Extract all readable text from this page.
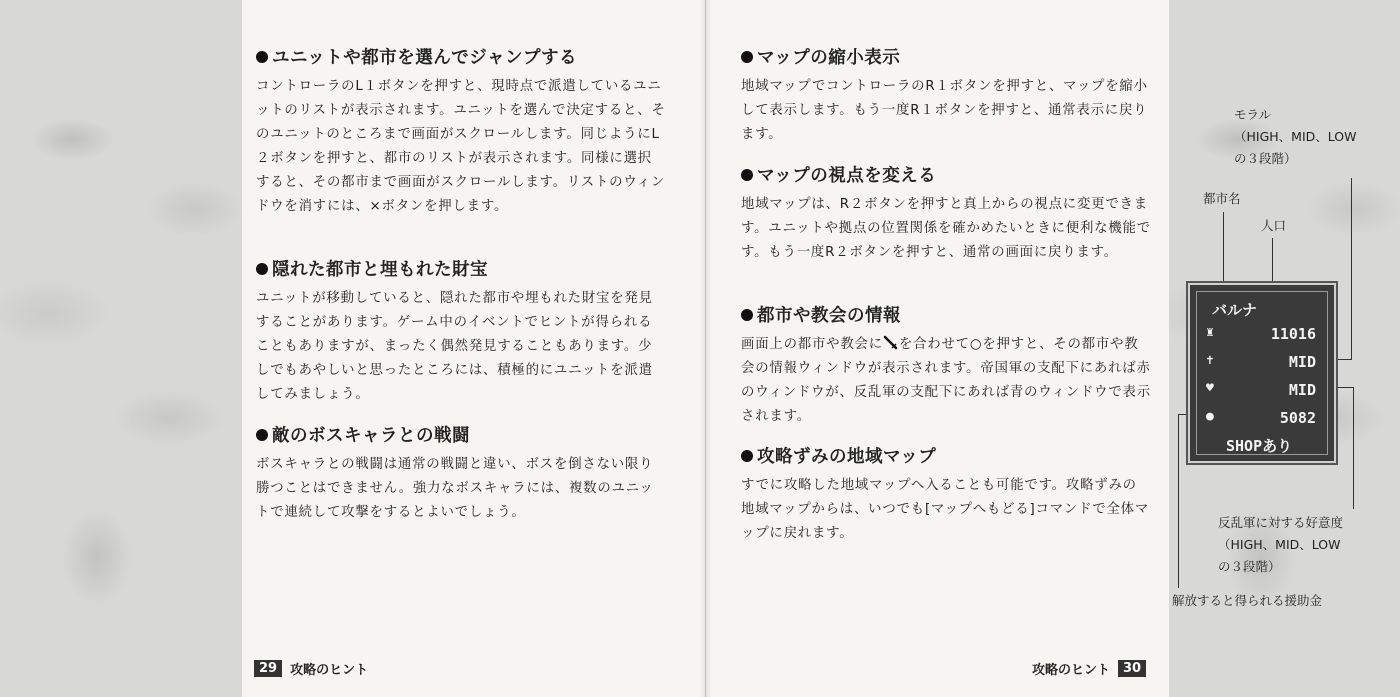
ユニットや都市を選んでジャンプする

コントローラのL１ボタンを押すと、現時点で派遣しているユニットのリストが表示されます。ユニットを選んで決定すると、そのユニットのところまで画面がスクロールします。同じようにL２ボタンを押すと、都市のリストが表示されます。同様に選択すると、その都市まで画面がスクロールします。リストのウィンドウを消すには、×ボタンを押します。

隠れた都市と埋もれた財宝

ユニットが移動していると、隠れた都市や埋もれた財宝を発見することがあります。ゲーム中のイベントでヒントが得られることもありますが、まったく偶然発見することもあります。少しでもあやしいと思ったところには、積極的にユニットを派遣してみましょう。

敵のボスキャラとの戦闘

ボスキャラとの戦闘は通常の戦闘と違い、ボスを倒さない限り勝つことはできません。強力なボスキャラには、複数のユニットで連続して攻撃をするとよいでしょう。

29	攻略のヒント
マップの縮小表示

地域マップでコントローラのR１ボタンを押すと、マップを縮小して表示します。もう一度R１ボタンを押すと、通常表示に戻ります。

マップの視点を変える

地域マップは、R２ボタンを押すと真上からの視点に変更できます。ユニットや拠点の位置関係を確かめたいときに便利な機能です。もう一度R２ボタンを押すと、通常の画面に戻ります。

都市や教会の情報

画面上の都市や教会に を合わせて○を押すと、その都市や教会の情報ウィンドウが表示されます。帝国軍の支配下にあれば赤のウィンドウが、反乱軍の支配下にあれば青のウィンドウで表示されます。

攻略ずみの地域マップ

すでに攻略した地域マップへ入ることも可能です。攻略ずみの地域マップからは、いつでも[マップへもどる]コマンドで全体マップに戻れます。

攻略のヒント	30
モラル
（HIGH、MID、LOW
の３段階）
都市名
人口
反乱軍に対する好意度
（HIGH、MID、LOW
の３段階）
解放すると得られる援助金
バルナ
♜	11016
✝	MID
♥	MID
●	5082
SHOPあり
